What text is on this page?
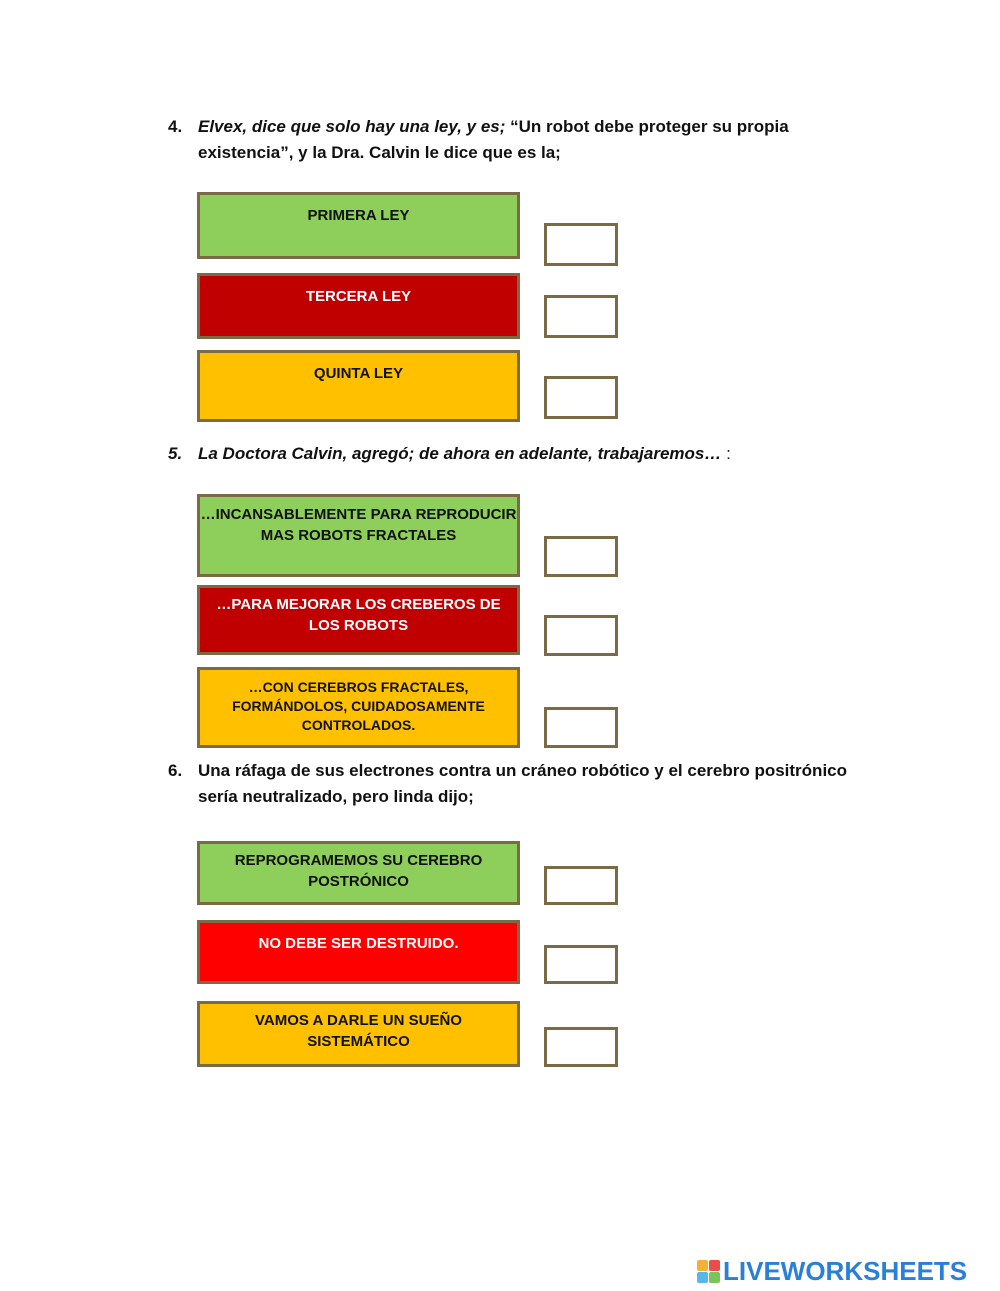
4. Elvex, dice que solo hay una ley, y es; “Un robot debe proteger su propia existencia”, y la Dra. Calvin le dice que es la;
PRIMERA LEY
TERCERA LEY
QUINTA LEY
5. La Doctora Calvin, agregó; de ahora en adelante, trabajaremos… :
…INCANSABLEMENTE PARA REPRODUCIR MAS ROBOTS FRACTALES
…PARA MEJORAR LOS CREBEROS DE LOS ROBOTS
…CON CEREBROS FRACTALES, FORMÁNDOLOS, CUIDADOSAMENTE CONTROLADOS.
6. Una ráfaga de sus electrones contra un cráneo robótico y el cerebro positrónico sería neutralizado, pero linda dijo;
REPROGRAMEMOS SU CEREBRO POSTRÓNICO
NO DEBE SER DESTRUIDO.
VAMOS A DARLE UN SUEÑO SISTEMÁTICO
LIVEWORKSHEETS
